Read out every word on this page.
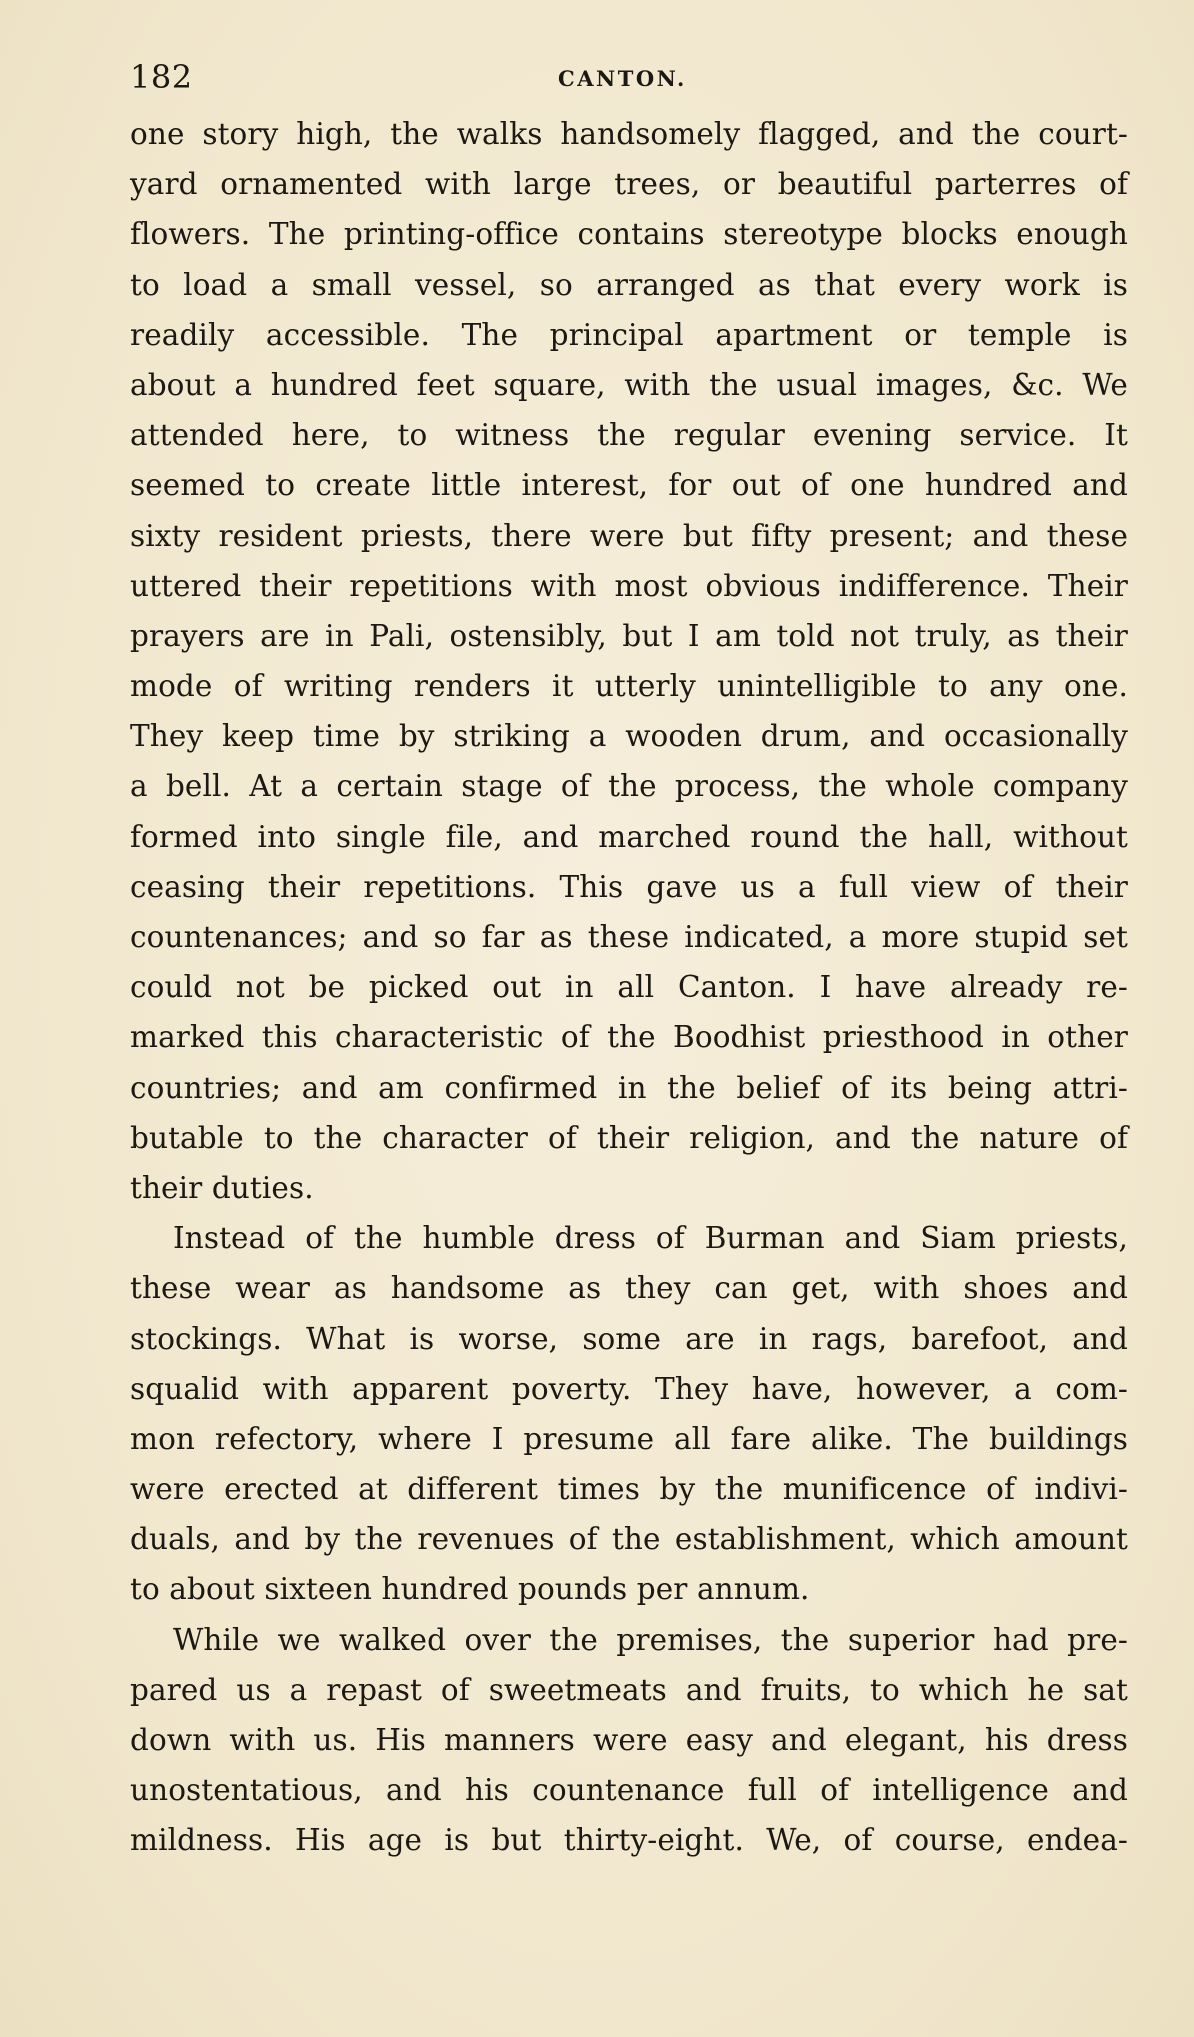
182	CANTON.
one story high, the walks handsomely flagged, and the court-
yard ornamented with large trees, or beautiful parterres of
flowers. The printing-office contains stereotype blocks enough
to load a small vessel, so arranged as that every work is
readily accessible. The principal apartment or temple is
about a hundred feet square, with the usual images, &c. We
attended here, to witness the regular evening service. It
seemed to create little interest, for out of one hundred and
sixty resident priests, there were but fifty present; and these
uttered their repetitions with most obvious indifference. Their
prayers are in Pali, ostensibly, but I am told not truly, as their
mode of writing renders it utterly unintelligible to any one.
They keep time by striking a wooden drum, and occasionally
a bell. At a certain stage of the process, the whole company
formed into single file, and marched round the hall, without
ceasing their repetitions. This gave us a full view of their
countenances; and so far as these indicated, a more stupid set
could not be picked out in all Canton. I have already re-
marked this characteristic of the Boodhist priesthood in other
countries; and am confirmed in the belief of its being attri-
butable to the character of their religion, and the nature of
their duties.
Instead of the humble dress of Burman and Siam priests,
these wear as handsome as they can get, with shoes and
stockings. What is worse, some are in rags, barefoot, and
squalid with apparent poverty. They have, however, a com-
mon refectory, where I presume all fare alike. The buildings
were erected at different times by the munificence of indivi-
duals, and by the revenues of the establishment, which amount
to about sixteen hundred pounds per annum.
While we walked over the premises, the superior had pre-
pared us a repast of sweetmeats and fruits, to which he sat
down with us. His manners were easy and elegant, his dress
unostentatious, and his countenance full of intelligence and
mildness. His age is but thirty-eight. We, of course, endea-
